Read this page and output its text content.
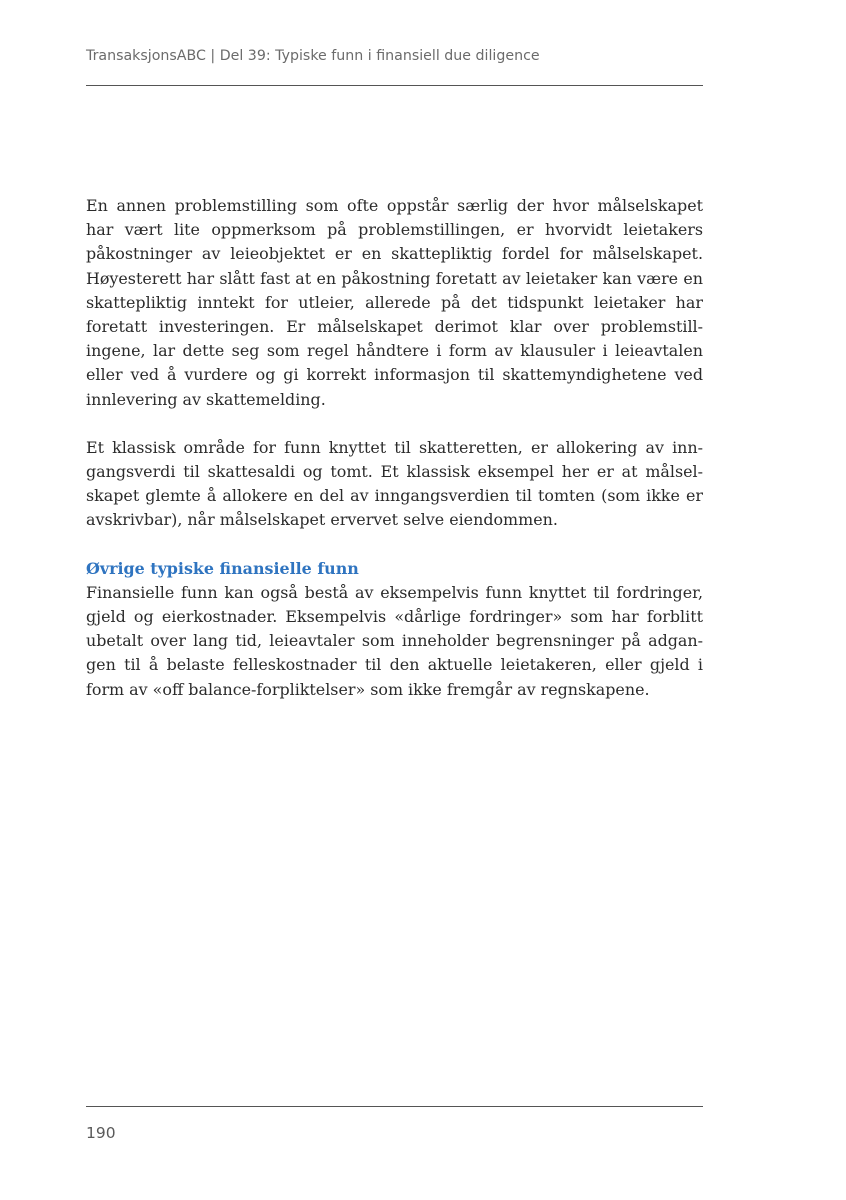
TransaksjonsABC | Del 39: Typiske funn i finansiell due diligence

En annen problemstilling som ofte oppstår særlig der hvor målselskapet har vært lite oppmerksom på problemstillingen, er hvorvidt leietakers påkostninger av leieobjektet er en skattepliktig fordel for målselskapet. Høyesterett har slått fast at en påkostning foretatt av leietaker kan være en skattepliktig inntekt for utleier, allerede på det tidspunkt leietaker har foretatt investeringen. Er målselskapet derimot klar over problemstillingene, lar dette seg som regel håndtere i form av klausuler i leieavtalen eller ved å vurdere og gi korrekt informasjon til skattemyndighetene ved innlevering av skattemelding.

Et klassisk område for funn knyttet til skatteretten, er allokering av inngangsverdi til skattesaldi og tomt. Et klassisk eksempel her er at målselskapet glemte å allokere en del av inngangsverdien til tomten (som ikke er avskrivbar), når målselskapet ervervet selve eiendommen.

Øvrige typiske finansielle funn

Finansielle funn kan også bestå av eksempelvis funn knyttet til fordringer, gjeld og eierkostnader. Eksempelvis «dårlige fordringer» som har forblitt ubetalt over lang tid, leieavtaler som inneholder begrensninger på adgangen til å belaste felleskostnader til den aktuelle leietakeren, eller gjeld i form av «off balance-forpliktelser» som ikke fremgår av regnskapene.

190
